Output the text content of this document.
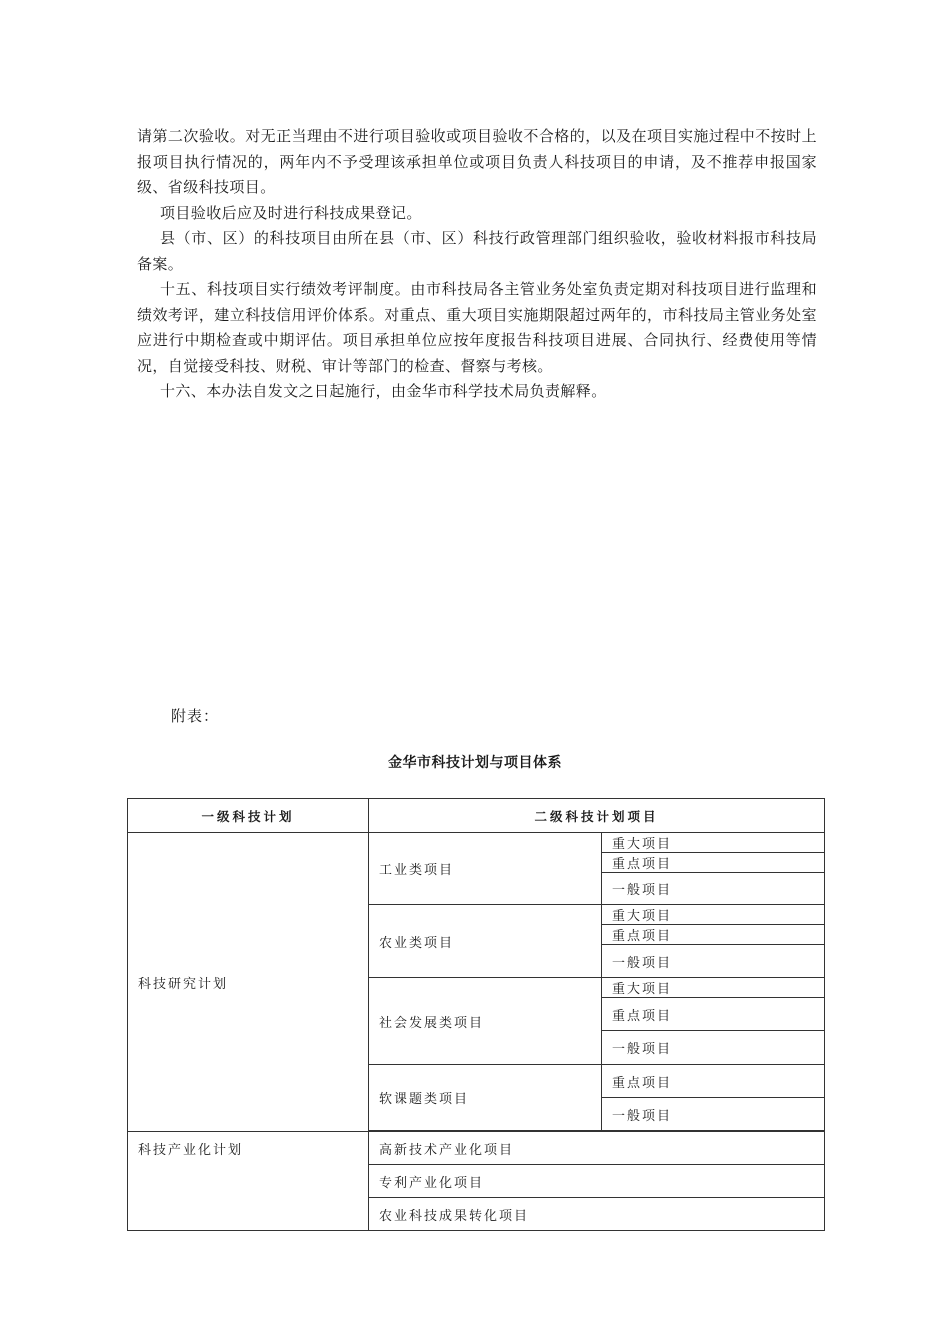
请第二次验收。对无正当理由不进行项目验收或项目验收不合格的，以及在项目实施过程中不按时上报项目执行情况的，两年内不予受理该承担单位或项目负责人科技项目的申请，及不推荐申报国家级、省级科技项目。

项目验收后应及时进行科技成果登记。

县（市、区）的科技项目由所在县（市、区）科技行政管理部门组织验收，验收材料报市科技局备案。

十五、科技项目实行绩效考评制度。由市科技局各主管业务处室负责定期对科技项目进行监理和绩效考评，建立科技信用评价体系。对重点、重大项目实施期限超过两年的，市科技局主管业务处室应进行中期检查或中期评估。项目承担单位应按年度报告科技项目进展、合同执行、经费使用等情况，自觉接受科技、财税、审计等部门的检查、督察与考核。

十六、本办法自发文之日起施行，由金华市科学技术局负责解释。

附表：
金华市科技计划与项目体系
一级科技计划	二级科技计划项目	
科技研究计划	工业类项目	重大项目
		重点项目
		一般项目
	农业类项目	重大项目
		重点项目
		一般项目
	社会发展类项目	重大项目
		重点项目
		一般项目
	软课题类项目	重点项目
		一般项目

科技产业化计划	高新技术产业化项目	
	专利产业化项目	
	农业科技成果转化项目	
